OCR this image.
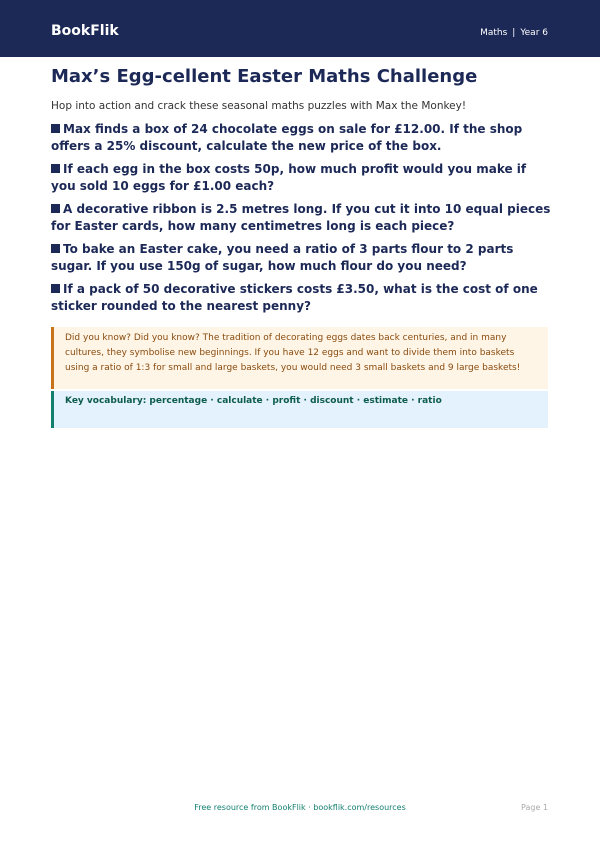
BookFlik	Maths | Year 6
Max’s Egg-cellent Easter Maths Challenge

Hop into action and crack these seasonal maths puzzles with Max the Monkey!

Max finds a box of 24 chocolate eggs on sale for £12.00. If the shop offers a 25% discount, calculate the new price of the box.
If each egg in the box costs 50p, how much profit would you make if you sold 10 eggs for £1.00 each?
A decorative ribbon is 2.5 metres long. If you cut it into 10 equal pieces for Easter cards, how many centimetres long is each piece?
To bake an Easter cake, you need a ratio of 3 parts flour to 2 parts sugar. If you use 150g of sugar, how much flour do you need?
If a pack of 50 decorative stickers costs £3.50, what is the cost of one sticker rounded to the nearest penny?

Did you know? Did you know? The tradition of decorating eggs dates back centuries, and in many cultures, they symbolise new beginnings. If you have 12 eggs and want to divide them into baskets using a ratio of 1:3 for small and large baskets, you would need 3 small baskets and 9 large baskets!

Key vocabulary: percentage · calculate · profit · discount · estimate · ratio

Free resource from BookFlik · bookflik.com/resources	Page 1
